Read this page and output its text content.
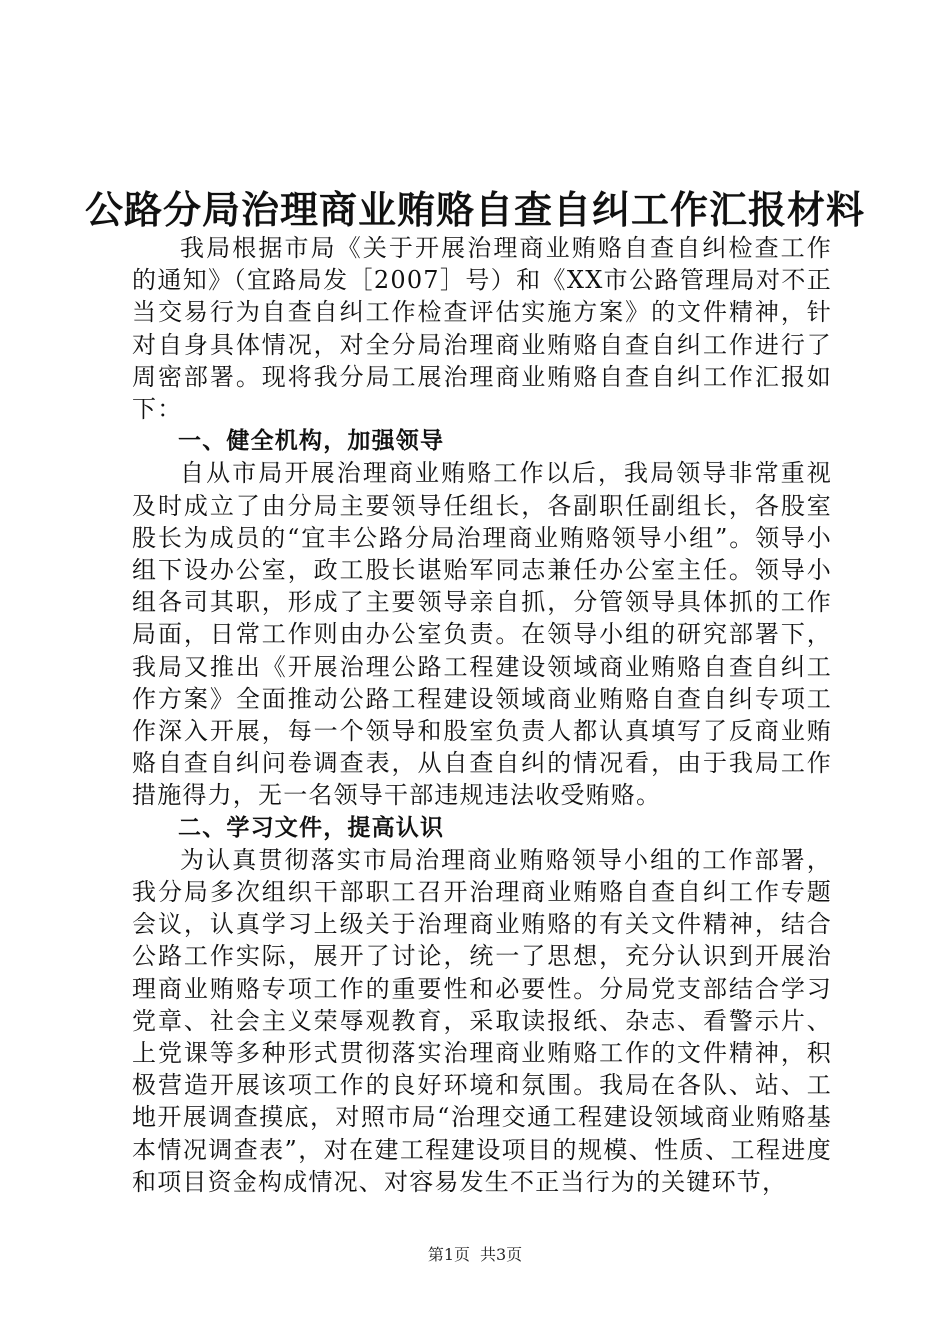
公路分局治理商业贿赂自查自纠工作汇报材料

我局根据市局《关于开展治理商业贿赂自查自纠检查工作的通知》（宜路局发［2007］号）和《XX市公路管理局对不正当交易行为自查自纠工作检查评估实施方案》的文件精神，针对自身具体情况，对全分局治理商业贿赂自查自纠工作进行了周密部署。现将我分局工展治理商业贿赂自查自纠工作汇报如下：

一、健全机构，加强领导

自从市局开展治理商业贿赂工作以后，我局领导非常重视及时成立了由分局主要领导任组长，各副职任副组长，各股室股长为成员的“宜丰公路分局治理商业贿赂领导小组”。领导小组下设办公室，政工股长谌贻军同志兼任办公室主任。领导小组各司其职，形成了主要领导亲自抓，分管领导具体抓的工作局面，日常工作则由办公室负责。在领导小组的研究部署下，我局又推出《开展治理公路工程建设领域商业贿赂自查自纠工作方案》全面推动公路工程建设领域商业贿赂自查自纠专项工作深入开展，每一个领导和股室负责人都认真填写了反商业贿赂自查自纠问卷调查表，从自查自纠的情况看，由于我局工作措施得力，无一名领导干部违规违法收受贿赂。

二、学习文件，提高认识

为认真贯彻落实市局治理商业贿赂领导小组的工作部署，我分局多次组织干部职工召开治理商业贿赂自查自纠工作专题会议，认真学习上级关于治理商业贿赂的有关文件精神，结合公路工作实际，展开了讨论，统一了思想，充分认识到开展治理商业贿赂专项工作的重要性和必要性。分局党支部结合学习党章、社会主义荣辱观教育，采取读报纸、杂志、看警示片、上党课等多种形式贯彻落实治理商业贿赂工作的文件精神，积极营造开展该项工作的良好环境和氛围。我局在各队、站、工地开展调查摸底，对照市局“治理交通工程建设领域商业贿赂基本情况调查表”，对在建工程建设项目的规模、性质、工程进度和项目资金构成情况、对容易发生不正当行为的关键环节，

第1页 共3页
